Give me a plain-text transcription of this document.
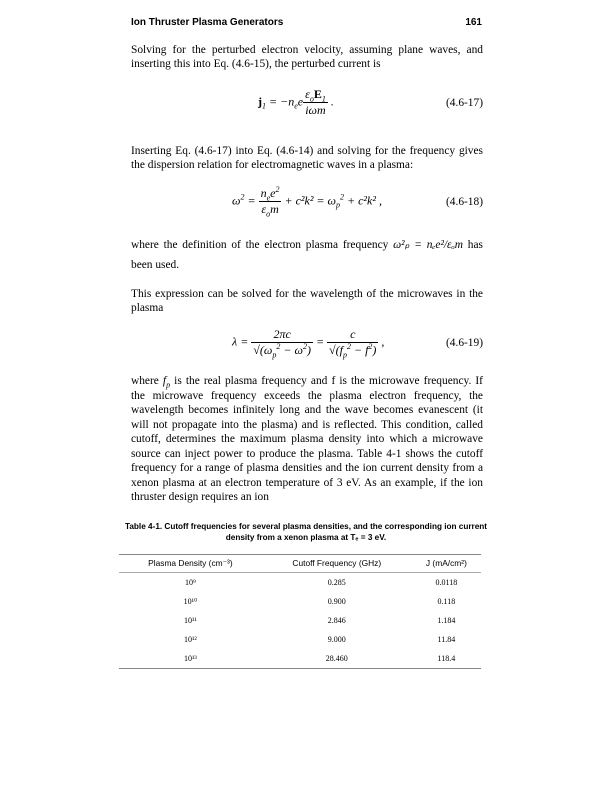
Ion Thruster Plasma Generators	161

Solving for the perturbed electron velocity, assuming plane waves, and inserting this into Eq. (4.6-15), the perturbed current is

$j_1 = -n_ee \frac{\varepsilon_oE_1}{\text{iωm}}$ .	(4.6-17)

Inserting Eq. (4.6-17) into Eq. (4.6-14) and solving for the frequency gives the dispersion relation for electromagnetic waves in a plasma:

$\omega^2 = \frac{n_ee^2}{\varepsilon_om} + c^2k^2 = \omega_p^2 + c^2k^2$ ,	(4.6-18)

where the definition of the electron plasma frequency ω²ₚ = nₑe²/εₒm has been used.

This expression can be solved for the wavelength of the microwaves in the plasma

$\lambda = \frac{2\pi c}{√(\omega_p^2 - \omega^2)} = \frac{c}{√(f_p^2 - f^2)}$ ,	(4.6-19)

where $f_p$ is the real plasma frequency and f is the microwave frequency. If the microwave frequency exceeds the plasma electron frequency, the wavelength becomes infinitely long and the wave becomes evanescent (it will not propagate into the plasma) and is reflected. This condition, called cutoff, determines the maximum plasma density into which a microwave source can inject power to produce the plasma. Table 4-1 shows the cutoff frequency for a range of plasma densities and the ion current density from a xenon plasma at an electron temperature of 3 eV. As an example, if the ion thruster design requires an ion

Table 4-1. Cutoff frequencies for several plasma densities, and the corresponding ion current density from a xenon plasma at Tₑ = 3 eV.
Plasma Density (cm⁻³)	Cutoff Frequency (GHz)	J (mA/cm²)
10⁹	0.285	0.0118
10¹⁰	0.900	0.118
10¹¹	2.846	1.184
10¹²	9.000	11.84
10¹³	28.460	118.4
